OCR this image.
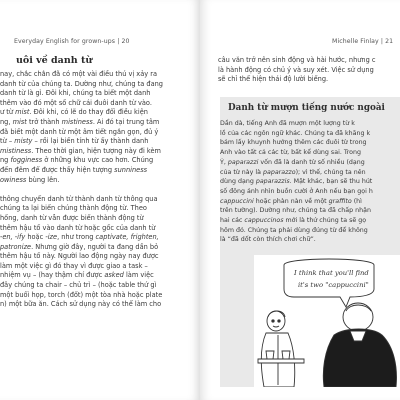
Everyday English for grown-ups | 20
uôi về danh từ
nay, chắc chắn đã có một vài điều thú vị xảy ra
danh từ của chúng ta. Dường như, chúng ta đang
danh từ là gì. Đôi khi, chúng ta biết một danh
thêm vào đó một số chữ cái đuôi danh từ vào.
ư từ mist. Đôi khi, có lẽ do thay đổi điều kiện
ng, mist trở thành mistiness. Ai đó tại trung tâm
đã biết một danh từ một âm tiết ngắn gọn, đủ ý
từ – misty – rồi lại biến tính từ ấy thành danh
mistiness. Theo thời gian, hiện tượng này đi kèm
ng fogginess ở những khu vực cao hơn. Chúng
đến đêm để được thấy hiện tượng sunniness
owiness bùng lên.

thông chuyển danh từ thành danh từ thông qua
chúng ta lại biến chúng thành động từ. Theo
hống, danh từ vẫn được biến thành động từ
thêm hậu tố vào danh từ hoặc gốc của danh từ
-en, -ify hoặc -ize, như trong captivate, frighten,
patronize. Nhưng giờ đây, người ta đang dần bỏ
thêm hậu tố này. Người lao động ngày nay được
làm một việc gì đó thay vì được giao a task –
nhiệm vụ – (hay thậm chí được asked làm việc
đây chúng ta chair – chủ trì – (hoặc table thứ gì
một buổi họp, torch (đốt) một tòa nhà hoặc plate
n) một bữa ăn. Cách sử dụng này có thể làm cho
Michelle Finlay | 21
câu văn trở nên sinh động và hài hước, nhưng c
là hành động có chủ ý và suy xét. Việc sử dụng
sẽ chỉ thể hiện thái độ lười biếng.
Danh từ mượn tiếng nước ngoài
Dần dà, tiếng Anh đã mượn một lượng từ k
lồ của các ngôn ngữ khác. Chúng ta đã khăng k
bám lấy khuynh hướng thêm các đuôi từ trong
Anh vào tất cả các từ, bất kể dùng sai. Trong
Ý, paparazzi vốn đã là danh từ số nhiều (dạng
của từ này là paparazzo); vì thế, chúng ta nên
dùng dạng paparazzis. Mặt khác, bạn sẽ thu hút
số đông ánh nhìn buồn cười ở Anh nếu bạn gọi h
cappuccini hoặc phàn nàn về một graffito (hì
trên tường). Dường như, chúng ta đã chấp nhận
hai các cappuccinos mới là thứ chúng ta sẽ gọ
hôm đó. Chúng ta phải dùng đúng từ để không
là “đã dốt còn thích chơi chữ”.
I think that you'll find
it's two "cappuccini"
